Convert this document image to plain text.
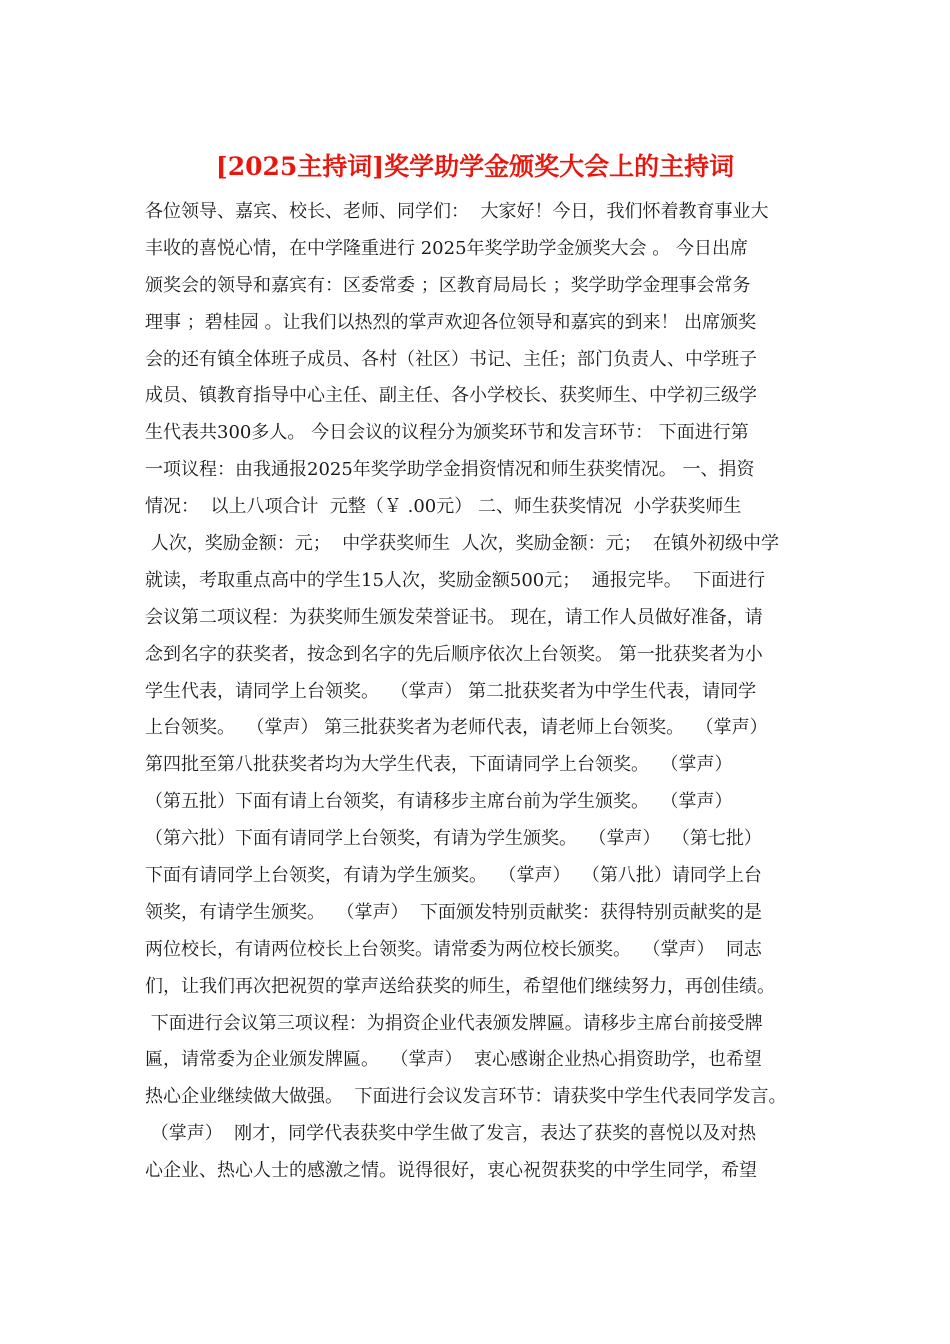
[2025主持词]奖学助学金颁奖大会上的主持词
各位领导、嘉宾、校长、老师、同学们：  大家好！今日，我们怀着教育事业大
丰收的喜悦心情，在中学隆重进行 2025年奖学助学金颁奖大会 。 今日出席
颁奖会的领导和嘉宾有：区委常委 ；区教育局局长 ；奖学助学金理事会常务
理事 ；碧桂园 。让我们以热烈的掌声欢迎各位领导和嘉宾的到来！ 出席颁奖
会的还有镇全体班子成员、各村（社区）书记、主任；部门负责人、中学班子
成员、镇教育指导中心主任、副主任、各小学校长、获奖师生、中学初三级学
生代表共300多人。 今日会议的议程分为颁奖环节和发言环节： 下面进行第
一项议程：由我通报2025年奖学助学金捐资情况和师生获奖情况。 一、捐资
情况：  以上八项合计  元整（￥ .00元） 二、师生获奖情况  小学获奖师生
人次，奖励金额：元；  中学获奖师生  人次，奖励金额：元；  在镇外初级中学
就读，考取重点高中的学生15人次，奖励金额500元；  通报完毕。  下面进行
会议第二项议程：为获奖师生颁发荣誉证书。 现在，请工作人员做好准备，请
念到名字的获奖者，按念到名字的先后顺序依次上台领奖。 第一批获奖者为小
学生代表，请同学上台领奖。  （掌声） 第二批获奖者为中学生代表，请同学
上台领奖。  （掌声） 第三批获奖者为老师代表，请老师上台领奖。  （掌声）
第四批至第八批获奖者均为大学生代表，下面请同学上台领奖。  （掌声）
（第五批）下面有请上台领奖，有请移步主席台前为学生颁奖。  （掌声）
（第六批）下面有请同学上台领奖，有请为学生颁奖。  （掌声）  （第七批）
下面有请同学上台领奖，有请为学生颁奖。  （掌声）  （第八批）请同学上台
领奖，有请学生颁奖。  （掌声）  下面颁发特别贡献奖：获得特别贡献奖的是
两位校长，有请两位校长上台领奖。请常委为两位校长颁奖。  （掌声）  同志
们，让我们再次把祝贺的掌声送给获奖的师生，希望他们继续努力，再创佳绩。
下面进行会议第三项议程：为捐资企业代表颁发牌匾。请移步主席台前接受牌
匾，请常委为企业颁发牌匾。  （掌声）  衷心感谢企业热心捐资助学，也希望
热心企业继续做大做强。  下面进行会议发言环节：请获奖中学生代表同学发言。
（掌声）  刚才，同学代表获奖中学生做了发言，表达了获奖的喜悦以及对热
心企业、热心人士的感激之情。说得很好，衷心祝贺获奖的中学生同学，希望
